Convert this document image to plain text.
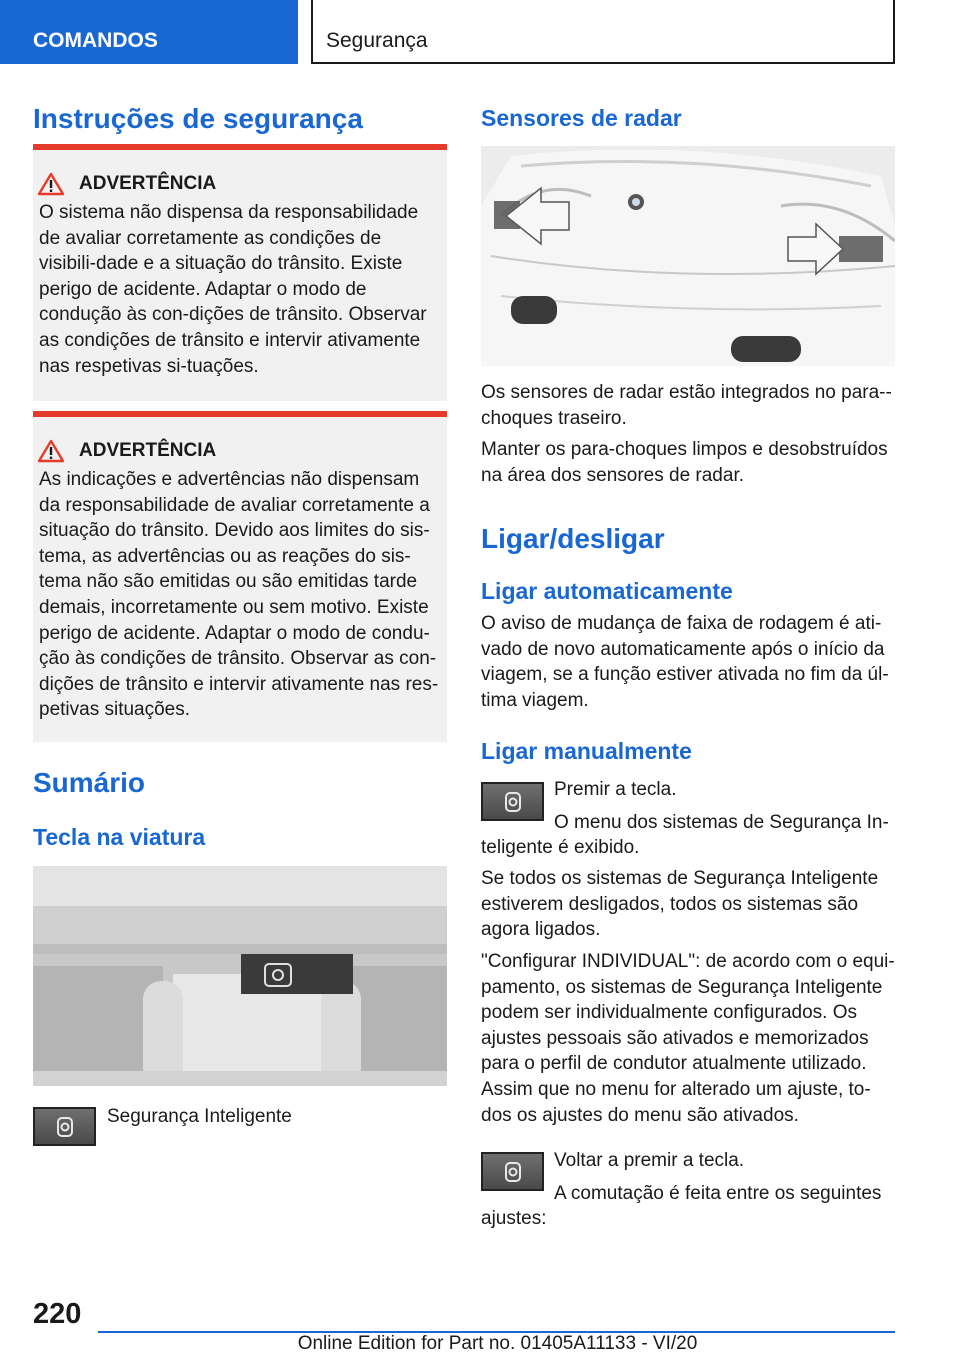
COMANDOS	Segurança
Instruções de segurança
ADVERTÊNCIA
O sistema não dispensa da responsabilidade de avaliar corretamente as condições de visibili-dade e a situação do trânsito. Existe perigo de acidente. Adaptar o modo de condução às con-dições de trânsito. Observar as condições de trânsito e intervir ativamente nas respetivas si-tuações.
ADVERTÊNCIA
As indicações e advertências não dispensam da responsabilidade de avaliar corretamente a situação do trânsito. Devido aos limites do sis-tema, as advertências ou as reações do sis-tema não são emitidas ou são emitidas tarde demais, incorretamente ou sem motivo. Existe perigo de acidente. Adaptar o modo de condu-ção às condições de trânsito. Observar as con-dições de trânsito e intervir ativamente nas res-petivas situações.
Sumário
Tecla na viatura
Segurança Inteligente
Sensores de radar
Os sensores de radar estão integrados no para--choques traseiro.
Manter os para-choques limpos e desobstruídos na área dos sensores de radar.
Ligar/desligar
Ligar automaticamente
O aviso de mudança de faixa de rodagem é ati-vado de novo automaticamente após o início da viagem, se a função estiver ativada no fim da úl-tima viagem.
Ligar manualmente
Premir a tecla.
O menu dos sistemas de Segurança In-
teligente é exibido.
Se todos os sistemas de Segurança Inteligente estiverem desligados, todos os sistemas são agora ligados.
"Configurar INDIVIDUAL": de acordo com o equi-pamento, os sistemas de Segurança Inteligente podem ser individualmente configurados. Os ajustes pessoais são ativados e memorizados para o perfil de condutor atualmente utilizado. Assim que no menu for alterado um ajuste, to-dos os ajustes do menu são ativados.
Voltar a premir a tecla.
A comutação é feita entre os seguintes
ajustes:
220
Online Edition for Part no. 01405A11133 - VI/20
